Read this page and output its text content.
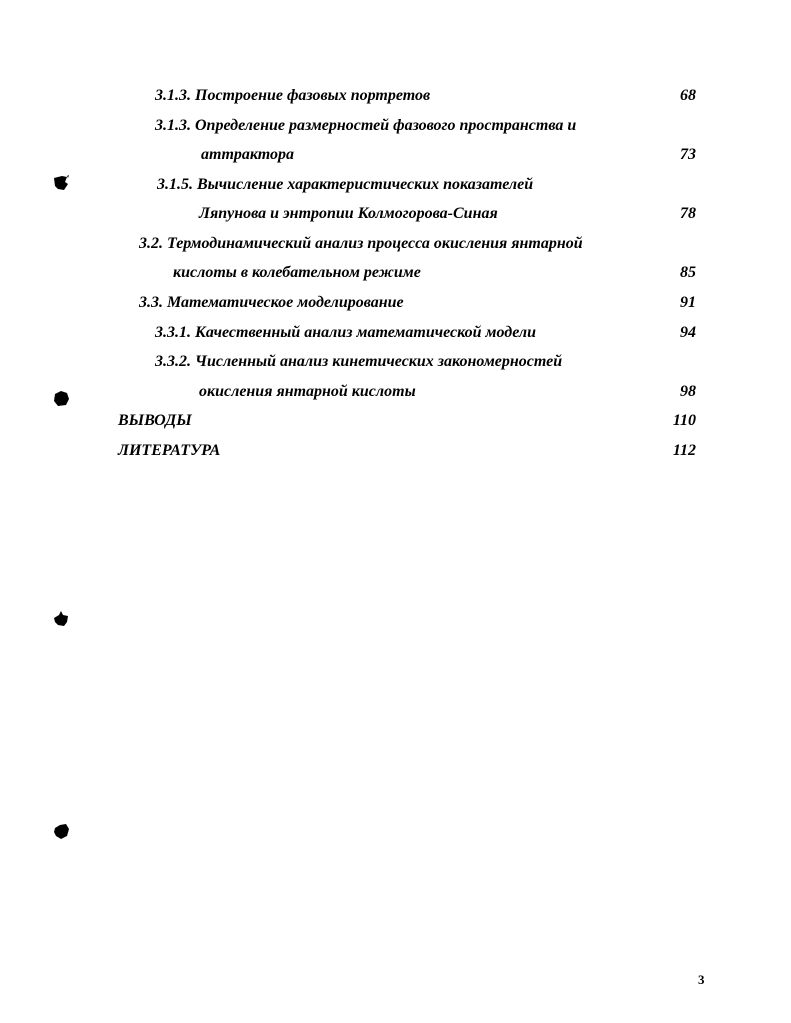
3.1.3. Построение фазовых портретов	68
3.1.3. Определение размерностей фазового пространства и
аттрактора	73
3.1.5. Вычисление характеристических показателей
Ляпунова и энтропии Колмогорова-Синая	78
3.2. Термодинамический анализ процесса окисления янтарной
кислоты в колебательном режиме	85
3.3. Математическое моделирование	91
3.3.1. Качественный анализ математической модели	94
3.3.2. Численный анализ кинетических закономерностей
окисления янтарной кислоты	98
ВЫВОДЫ	110
ЛИТЕРАТУРА	112
3
